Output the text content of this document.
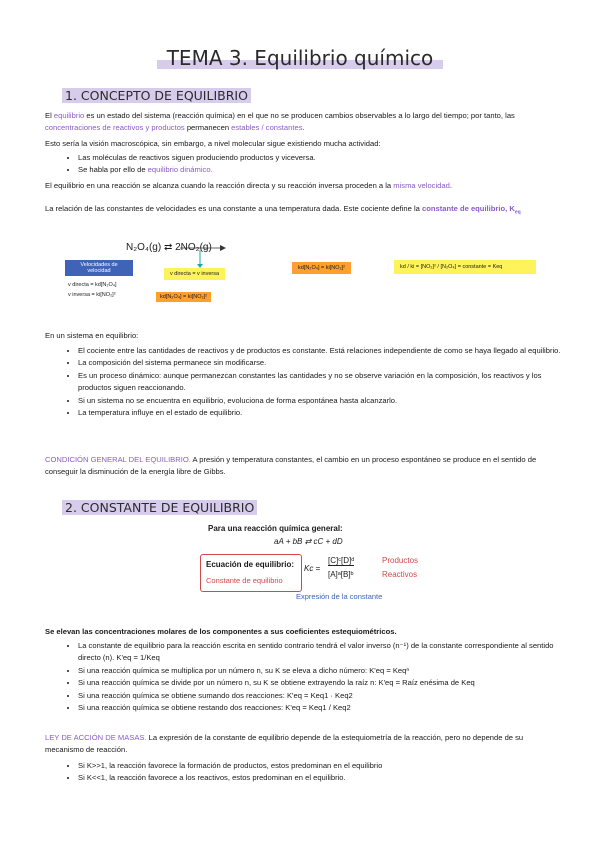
TEMA 3. Equilibrio químico
1. CONCEPTO DE EQUILIBRIO
El equilibrio es un estado del sistema (reacción química) en el que no se producen cambios observables a lo largo del tiempo; por tanto, las concentraciones de reactivos y productos permanecen estables / constantes.
Esto sería la visión macroscópica, sin embargo, a nivel molecular sigue existiendo mucha actividad:
• Las moléculas de reactivos siguen produciendo productos y viceversa.
• Se habla por ello de equilibrio dinámico.
El equilibrio en una reacción se alcanza cuando la reacción directa y su reacción inversa proceden a la misma velocidad.
La relación de las constantes de velocidades es una constante a una temperatura dada. Este cociente define la constante de equilibrio, $K_{eq}$
N₂O₄(g) ⇄ 2NO₂(g)
Velocidades de velocidad
v directa = kd[N₂O₄]
v inversa = ki[NO₂]²
v directa = v inversa
kd[N₂O₄] = ki[NO₂]²
kd[N₂O₄] = ki[NO₂]²	kd / ki = [NO₂]² / [N₂O₄] = constante = Keq
En un sistema en equilibrio:
• El cociente entre las cantidades de reactivos y de productos es constante. Está relaciones independiente de como se haya llegado al equilibrio.
• La composición del sistema permanece sin modificarse.
• Es un proceso dinámico: aunque permanezcan constantes las cantidades y no se observe variación en la composición, los reactivos y los productos siguen reaccionando.
• Si un sistema no se encuentra en equilibrio, evoluciona de forma espontánea hasta alcanzarlo.
• La temperatura influye en el estado de equilibrio.
CONDICIÓN GENERAL DEL EQUILIBRIO. A presión y temperatura constantes, el cambio en un proceso espontáneo se produce en el sentido de conseguir la disminución de la energía libre de Gibbs.
2. CONSTANTE DE EQUILIBRIO
Para una reacción química general:
aA + bB ⇄ cC + dD
Ecuación de equilibrio:
Constante de equilibrio
Kc =
[C]ᶜ[D]ᵈ
[A]ᵃ[B]ᵇ
Productos
Reactivos
Expresión de la constante
Se elevan las concentraciones molares de los componentes a sus coeficientes estequiométricos.
• La constante de equilibrio para la reacción escrita en sentido contrario tendrá el valor inverso (n⁻¹) de la constante correspondiente al sentido directo (n). K'eq = 1/Keq
• Si una reacción química se multiplica por un número n, su K se eleva a dicho número: K'eq = Keqⁿ
• Si una reacción química se divide por un número n, su K se obtiene extrayendo la raíz n: K'eq = Raíz enésima de Keq
• Si una reacción química se obtiene sumando dos reacciones: K'eq = Keq1 · Keq2
• Si una reacción química se obtiene restando dos reacciones: K'eq = Keq1 / Keq2
LEY DE ACCIÓN DE MASAS. La expresión de la constante de equilibrio depende de la estequiometría de la reacción, pero no depende de su mecanismo de reacción.
• Si K>>1, la reacción favorece la formación de productos, estos predominan en el equilibrio
• Si K<<1, la reacción favorece a los reactivos, estos predominan en el equilibrio.
